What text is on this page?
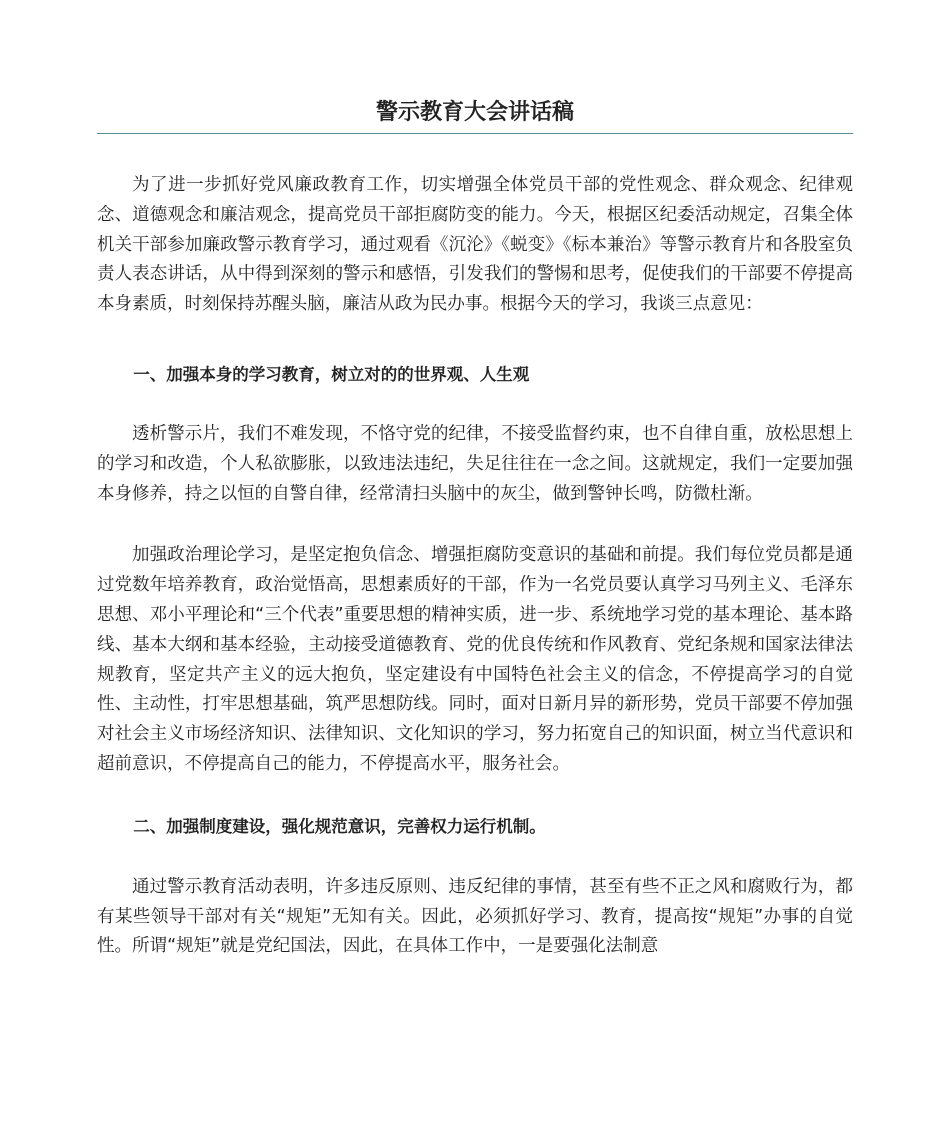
警示教育大会讲话稿

为了进一步抓好党风廉政教育工作，切实增强全体党员干部的党性观念、群众观念、纪律观念、道德观念和廉洁观念，提高党员干部拒腐防变的能力。今天，根据区纪委活动规定，召集全体机关干部参加廉政警示教育学习，通过观看《沉沦》《蜕变》《标本兼治》等警示教育片和各股室负责人表态讲话，从中得到深刻的警示和感悟，引发我们的警惕和思考，促使我们的干部要不停提高本身素质，时刻保持苏醒头脑，廉洁从政为民办事。根据今天的学习，我谈三点意见：

一、加强本身的学习教育，树立对的的世界观、人生观

透析警示片，我们不难发现，不恪守党的纪律，不接受监督约束，也不自律自重，放松思想上的学习和改造，个人私欲膨胀，以致违法违纪，失足往往在一念之间。这就规定，我们一定要加强本身修养，持之以恒的自警自律，经常清扫头脑中的灰尘，做到警钟长鸣，防微杜渐。

加强政治理论学习，是坚定抱负信念、增强拒腐防变意识的基础和前提。我们每位党员都是通过党数年培养教育，政治觉悟高，思想素质好的干部，作为一名党员要认真学习马列主义、毛泽东思想、邓小平理论和“三个代表”重要思想的精神实质，进一步、系统地学习党的基本理论、基本路线、基本大纲和基本经验，主动接受道德教育、党的优良传统和作风教育、党纪条规和国家法律法规教育，坚定共产主义的远大抱负，坚定建设有中国特色社会主义的信念，不停提高学习的自觉性、主动性，打牢思想基础，筑严思想防线。同时，面对日新月异的新形势，党员干部要不停加强对社会主义市场经济知识、法律知识、文化知识的学习，努力拓宽自己的知识面，树立当代意识和超前意识，不停提高自己的能力，不停提高水平，服务社会。

二、加强制度建设，强化规范意识，完善权力运行机制。

通过警示教育活动表明，许多违反原则、违反纪律的事情，甚至有些不正之风和腐败行为，都有某些领导干部对有关“规矩”无知有关。因此，必须抓好学习、教育，提高按“规矩”办事的自觉性。所谓“规矩”就是党纪国法，因此，在具体工作中，一是要强化法制意
